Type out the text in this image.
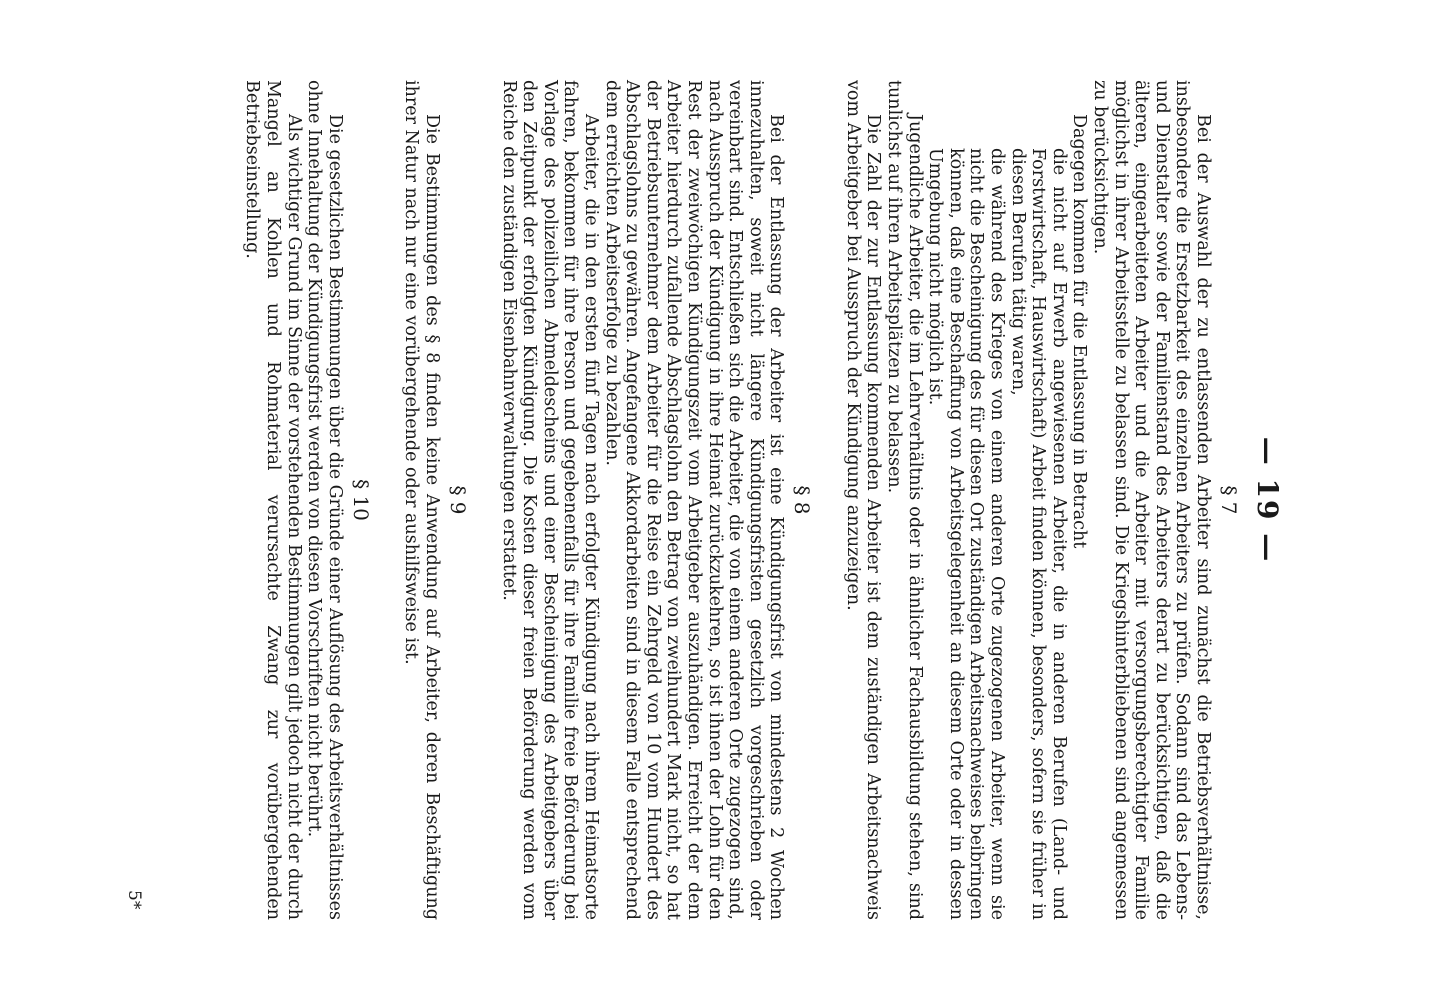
— 19 —
§ 7

Bei der Auswahl der zu entlassenden Arbeiter sind zunächst die Betriebsverhältnisse, insbesondere die Ersetzbarkeit des einzelnen Arbeiters zu prüfen. Sodann sind das Lebens- und Dienstalter sowie der Familienstand des Arbeiters derart zu berücksichtigen, daß die älteren, eingearbeiteten Arbeiter und die Arbeiter mit versorgungsberechtigter Familie möglichst in ihrer Arbeitsstelle zu belassen sind. Die Kriegshinterbliebenen sind angemessen zu berücksichtigen.

Dagegen kommen für die Entlassung in Betracht

die nicht auf Erwerb angewiesenen Arbeiter, die in anderen Berufen (Land- und Forstwirtschaft, Hauswirtschaft) Arbeit finden können, besonders, sofern sie früher in diesen Berufen tätig waren,

die während des Krieges von einem anderen Orte zugezogenen Arbeiter, wenn sie nicht die Bescheinigung des für diesen Ort zuständigen Arbeitsnachweises beibringen können, daß eine Beschaffung von Arbeitsgelegenheit an diesem Orte oder in dessen Umgebung nicht möglich ist.

Jugendliche Arbeiter, die im Lehrverhältnis oder in ähnlicher Fachausbildung stehen, sind tunlichst auf ihren Arbeitsplätzen zu belassen.

Die Zahl der zur Entlassung kommenden Arbeiter ist dem zuständigen Arbeitsnachweis vom Arbeitgeber bei Ausspruch der Kündigung anzuzeigen.

§ 8

Bei der Entlassung der Arbeiter ist eine Kündigungsfrist von mindestens 2 Wochen innezuhalten, soweit nicht längere Kündigungsfristen gesetzlich vorgeschrieben oder vereinbart sind. Entschließen sich die Arbeiter, die von einem anderen Orte zugezogen sind, nach Ausspruch der Kündigung in ihre Heimat zurückzukehren, so ist ihnen der Lohn für den Rest der zweiwöchigen Kündigungszeit vom Arbeitgeber auszuhändigen. Erreicht der dem Arbeiter hierdurch zufallende Abschlagslohn den Betrag von zweihundert Mark nicht, so hat der Betriebsunternehmer dem Arbeiter für die Reise ein Zehrgeld von 10 vom Hundert des Abschlagslohns zu gewähren. Angefangene Akkordarbeiten sind in diesem Falle entsprechend dem erreichten Arbeitserfolge zu bezahlen.

Arbeiter, die in den ersten fünf Tagen nach erfolgter Kündigung nach ihrem Heimatsorte fahren, bekommen für ihre Person und gegebenenfalls für ihre Familie freie Beförderung bei Vorlage des polizeilichen Abmeldescheins und einer Bescheinigung des Arbeitgebers über den Zeitpunkt der erfolgten Kündigung. Die Kosten dieser freien Beförderung werden vom Reiche den zuständigen Eisenbahnverwaltungen erstattet.

§ 9

Die Bestimmungen des § 8 finden keine Anwendung auf Arbeiter, deren Beschäftigung ihrer Natur nach nur eine vorübergehende oder aushilfsweise ist.

§ 10

Die gesetzlichen Bestimmungen über die Gründe einer Auflösung des Arbeitsverhältnisses ohne Innehaltung der Kündigungsfrist werden von diesen Vorschriften nicht berührt.

Als wichtiger Grund im Sinne der vorstehenden Bestimmungen gilt jedoch nicht der durch Mangel an Kohlen und Rohmaterial verursachte Zwang zur vorübergehenden Betriebseinstellung.

5*
